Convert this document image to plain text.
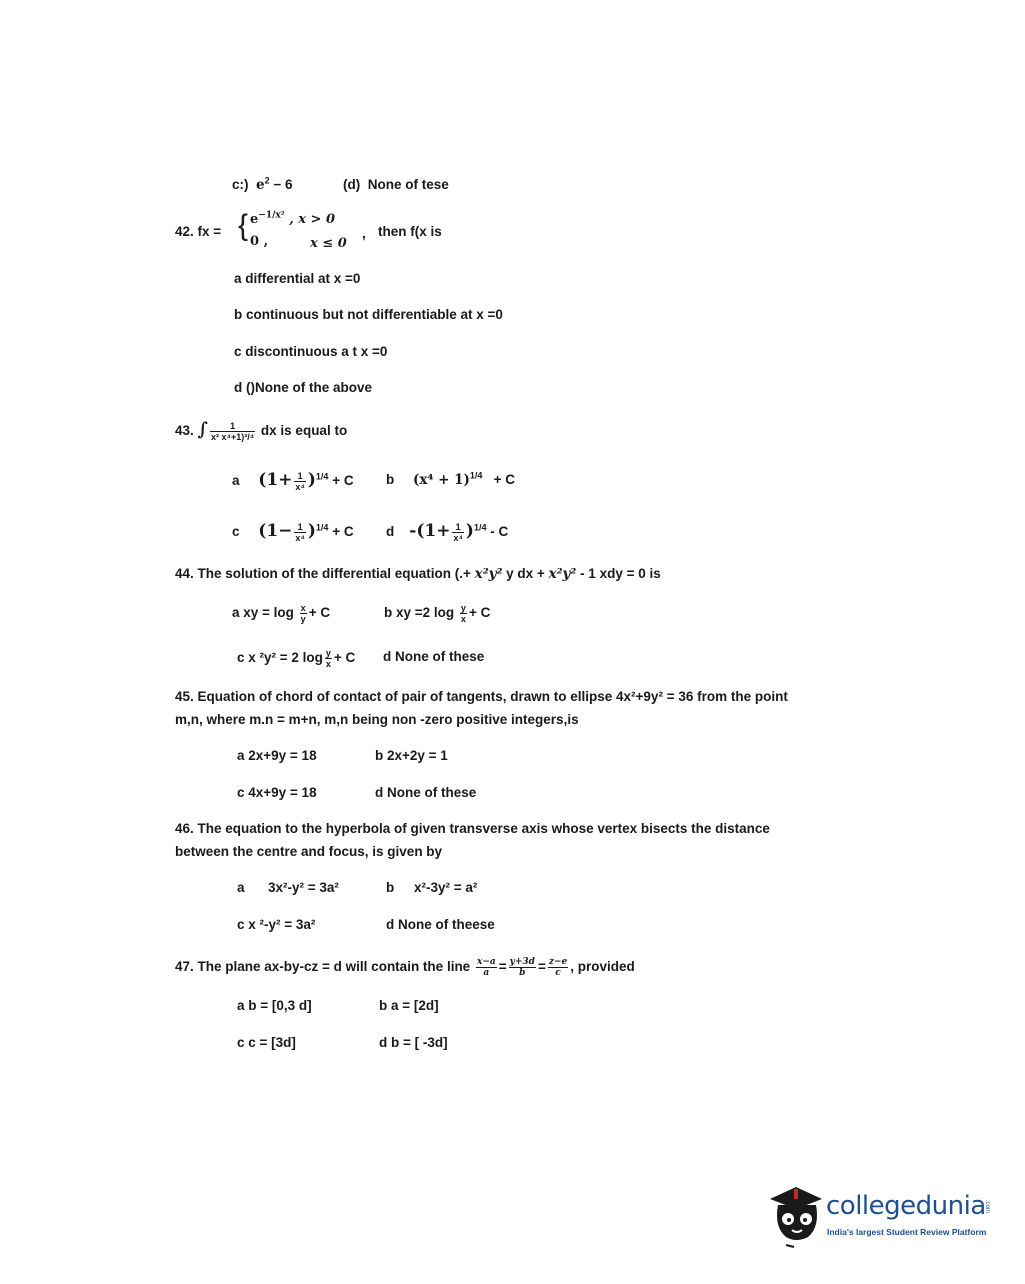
c:) $e^2 - 6$	(d) None of tese
42. fx = { $e^{-1/x^2}$ , x > 0
0 ,	x ≤ 0
, then f(x is
a differential at x =0
b continuous but not differentiable at x =0
c discontinuous a t x =0
d ()None of the above
43. ∫ $\frac{1}{\text{x² x⁴+1)³/⁴}}$ dx is equal to
a $(1+ \frac{1}{\text{x⁴}} )^{1/4} + C$ b $(x^4 + 1)^{1/4} + C$
c $(1- \frac{1}{\text{x⁴}} )^{1/4} + C$ d $-(1+ \frac{1}{\text{x⁴}} )^{1/4} - C$
44. The solution of the differential equation (.+ x²y² y dx + x²y² - 1 xdy = 0 is
a xy = $\log \frac{x}{y} + C$	b xy =2 $\log \frac{y}{x} + C$
c x ²y² = 2 $\log \frac{y}{x} + C$ d None of these
45. Equation of chord of contact of pair of tangents, drawn to ellipse 4x²+9y² = 36 from the point
m,n, where m.n = m+n, m,n being non -zero positive integers,is
a 2x+9y = 18	b 2x+2y = 1
c 4x+9y = 18	d None of these
46. The equation to the hyperbola of given transverse axis whose vertex bisects the distance
between the centre and focus, is given by
a 3x²-y² = 3a²	b x²-3y² = a²
c x ²-y² = 3a²	d None of theese
47. The plane ax-by-cz = d will contain the line $\frac{x-a}{a} = \frac{y+3d}{b} = \frac{z-e}{c}$ , provided
a b = [0,3 d]	b a = [2d]
c c = [3d]	d b = [ -3d]
collegedunia
.com
India's largest Student Review Platform
